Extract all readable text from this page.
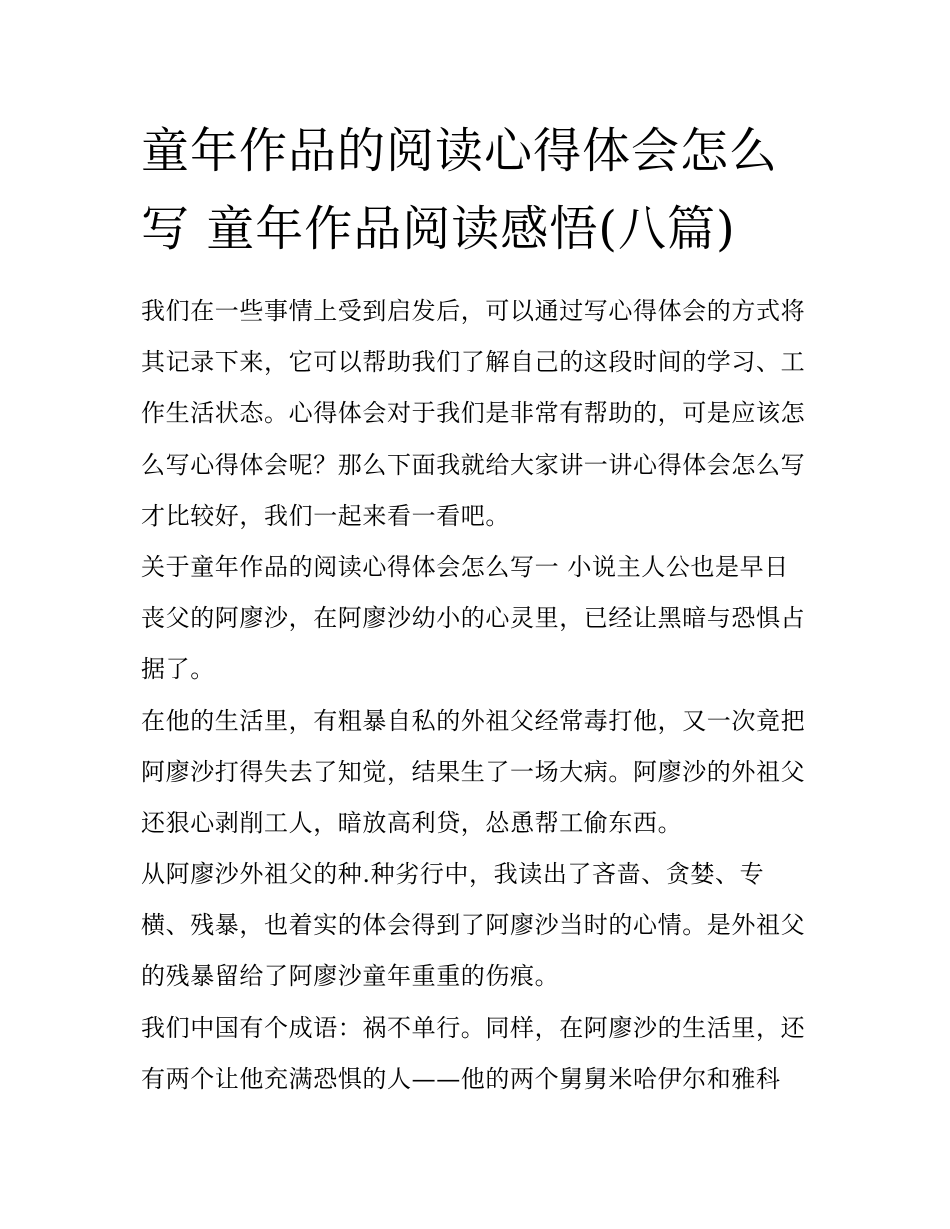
童年作品的阅读心得体会怎么
写 童年作品阅读感悟(八篇)
我们在一些事情上受到启发后，可以通过写心得体会的方式将
其记录下来，它可以帮助我们了解自己的这段时间的学习、工
作生活状态。心得体会对于我们是非常有帮助的，可是应该怎
么写心得体会呢？那么下面我就给大家讲一讲心得体会怎么写
才比较好，我们一起来看一看吧。
关于童年作品的阅读心得体会怎么写一 小说主人公也是早日
丧父的阿廖沙，在阿廖沙幼小的心灵里，已经让黑暗与恐惧占
据了。
在他的生活里，有粗暴自私的外祖父经常毒打他，又一次竟把
阿廖沙打得失去了知觉，结果生了一场大病。阿廖沙的外祖父
还狠心剥削工人，暗放高利贷，怂恿帮工偷东西。
从阿廖沙外祖父的种.种劣行中，我读出了吝啬、贪婪、专
横、残暴，也着实的体会得到了阿廖沙当时的心情。是外祖父
的残暴留给了阿廖沙童年重重的伤痕。
我们中国有个成语：祸不单行。同样，在阿廖沙的生活里，还
有两个让他充满恐惧的人——他的两个舅舅米哈伊尔和雅科
